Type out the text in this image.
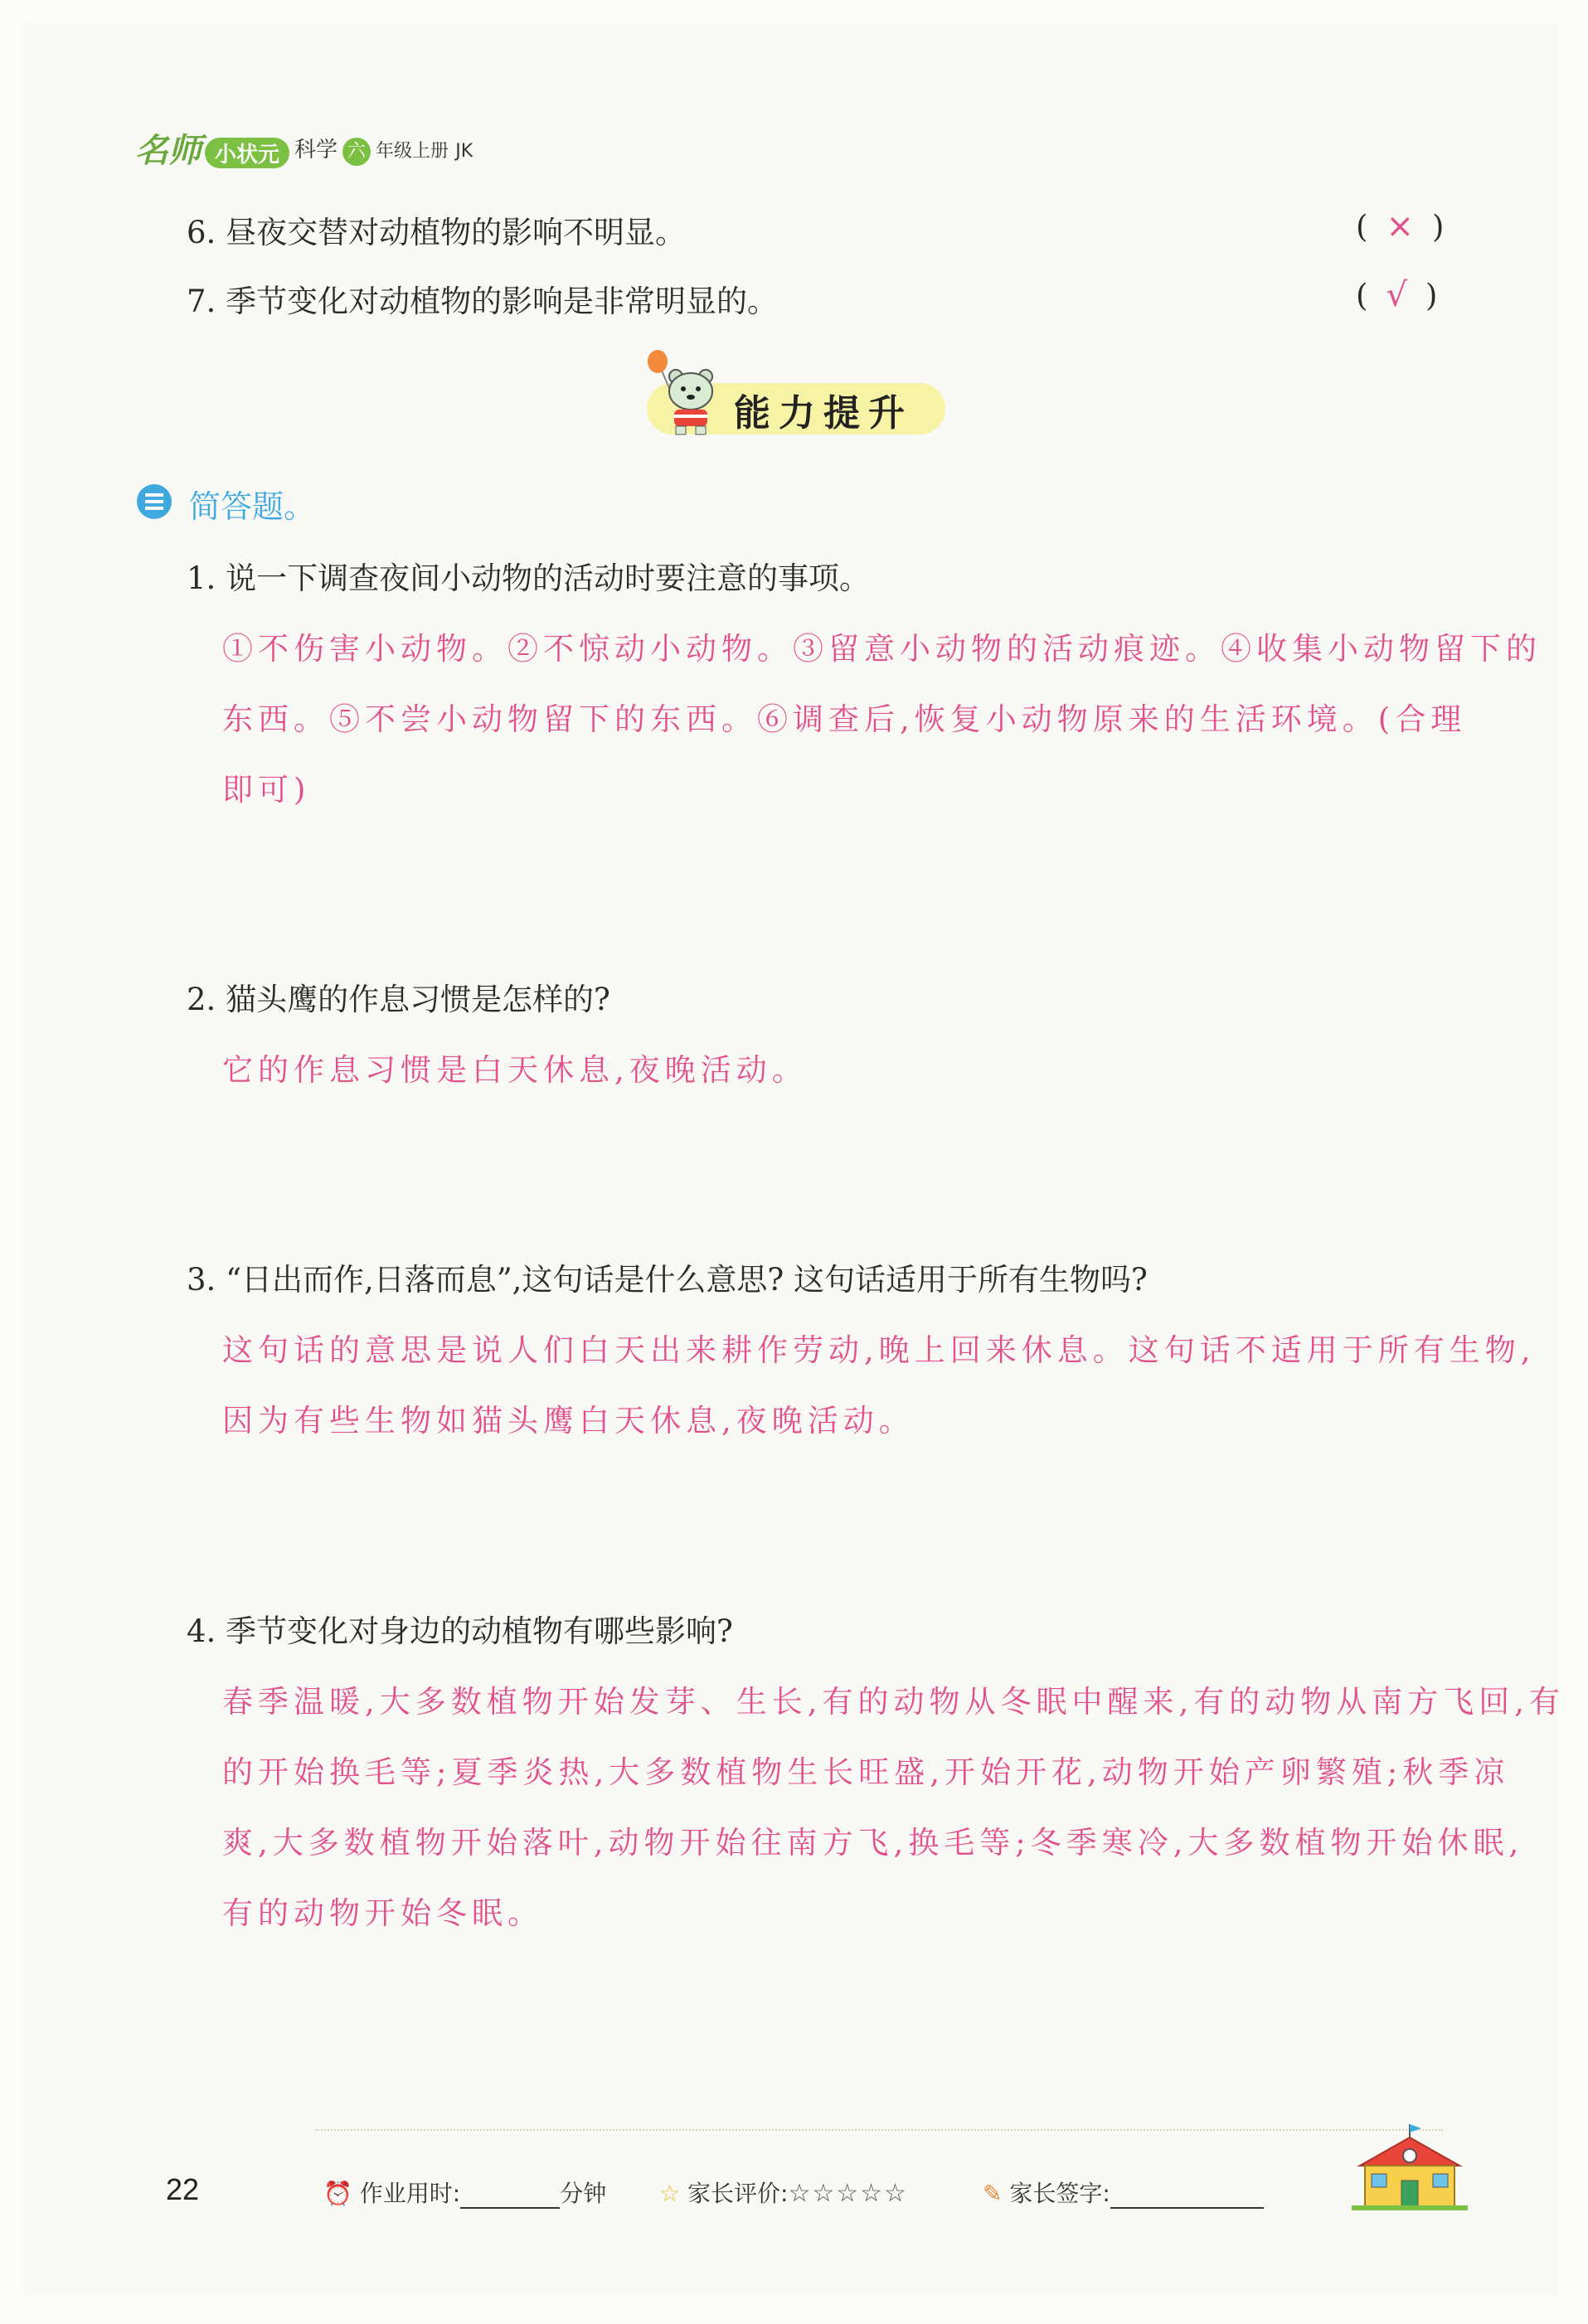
名师 小状元 科学 六 年级上册 JK
6. 昼夜交替对动植物的影响不明显。	( × )
7. 季节变化对动植物的影响是非常明显的。	( √ )
能力提升
简答题。
1. 说一下调查夜间小动物的活动时要注意的事项。
①不伤害小动物。②不惊动小动物。③留意小动物的活动痕迹。④收集小动物留下的
东西。⑤不尝小动物留下的东西。⑥调查后,恢复小动物原来的生活环境。(合理
即可)
2. 猫头鹰的作息习惯是怎样的?
它的作息习惯是白天休息,夜晚活动。
3. “日出而作,日落而息”,这句话是什么意思? 这句话适用于所有生物吗?
这句话的意思是说人们白天出来耕作劳动,晚上回来休息。这句话不适用于所有生物,
因为有些生物如猫头鹰白天休息,夜晚活动。
4. 季节变化对身边的动植物有哪些影响?
春季温暖,大多数植物开始发芽、生长,有的动物从冬眠中醒来,有的动物从南方飞回,有
的开始换毛等;夏季炎热,大多数植物生长旺盛,开始开花,动物开始产卵繁殖;秋季凉
爽,大多数植物开始落叶,动物开始往南方飞,换毛等;冬季寒冷,大多数植物开始休眠,
有的动物开始冬眠。
22	⏰ 作业用时:	分钟 ☆ 家长评价:☆☆☆☆☆	✎ 家长签字:
